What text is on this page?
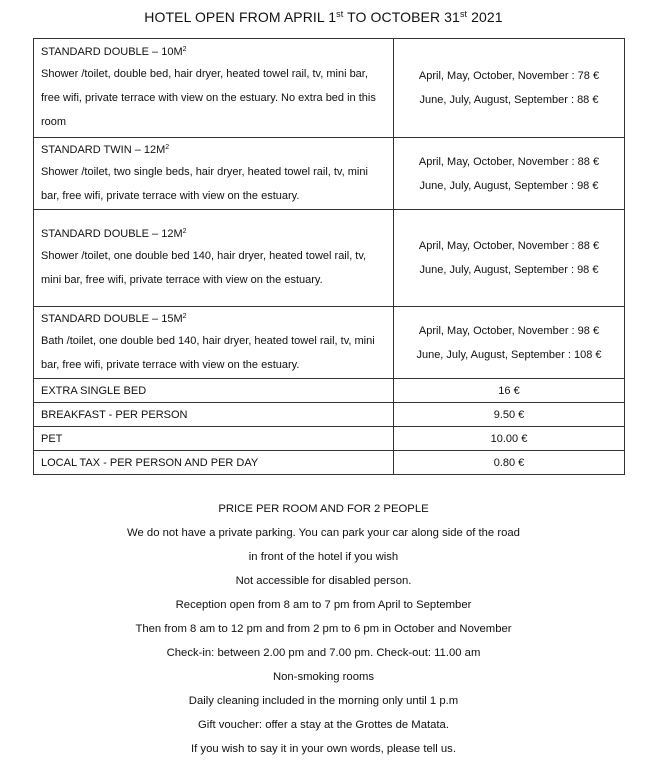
HOTEL OPEN FROM APRIL 1st TO OCTOBER 31st 2021
STANDARD DOUBLE – $10M^2$
Shower /toilet, double bed, hair dryer, heated towel rail, tv, mini bar, free wifi, private terrace with view on the estuary. No extra bed in this room	April, May, October, November : 78 €
June, July, August, September : 88 €

STANDARD TWIN – $12M^2$
Shower /toilet, two single beds, hair dryer, heated towel rail, tv, mini bar, free wifi, private terrace with view on the estuary.	April, May, October, November : 88 €
June, July, August, September : 98 €

STANDARD DOUBLE – $12M^2$
Shower /toilet, one double bed 140, hair dryer, heated towel rail, tv, mini bar, free wifi, private terrace with view on the estuary.	April, May, October, November : 88 €
June, July, August, September : 98 €

STANDARD DOUBLE – $15M^2$
Bath /toilet, one double bed 140, hair dryer, heated towel rail, tv, mini bar, free wifi, private terrace with view on the estuary.	April, May, October, November : 98 €
June, July, August, September : 108 €

EXTRA SINGLE BED	16 €
BREAKFAST - PER PERSON	9.50 €
PET	10.00 €
LOCAL TAX - PER PERSON AND PER DAY	0.80 €

PRICE PER ROOM AND FOR 2 PEOPLE

We do not have a private parking. You can park your car along side of the road

in front of the hotel if you wish

Not accessible for disabled person.

Reception open from 8 am to 7 pm from April to September

Then from 8 am to 12 pm and from 2 pm to 6 pm in October and November

Check-in: between 2.00 pm and 7.00 pm. Check-out: 11.00 am

Non-smoking rooms

Daily cleaning included in the morning only until 1 p.m

Gift voucher: offer a stay at the Grottes de Matata.

If you wish to say it in your own words, please tell us.
